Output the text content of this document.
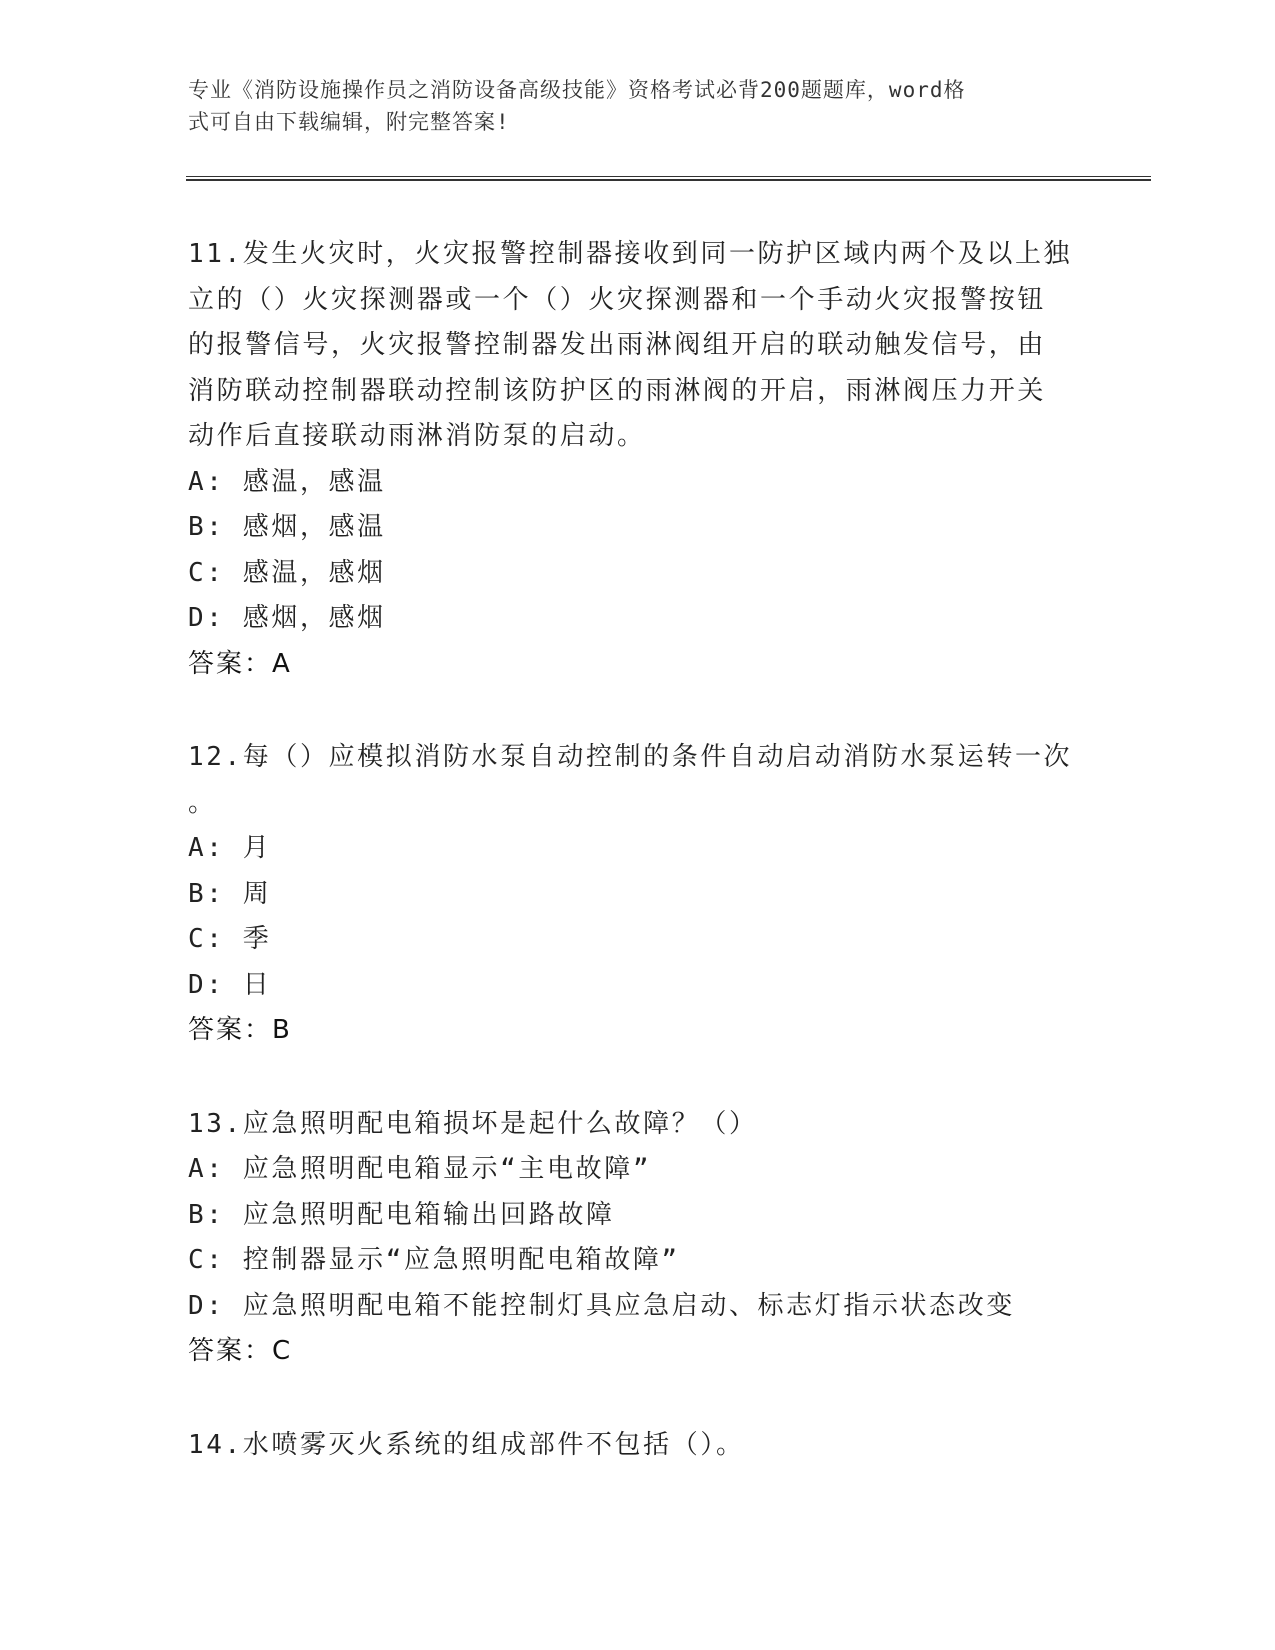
专业《消防设施操作员之消防设备高级技能》资格考试必背200题题库，word格
式可自由下载编辑，附完整答案!
11.发生火灾时，火灾报警控制器接收到同一防护区域内两个及以上独
立的（）火灾探测器或一个（）火灾探测器和一个手动火灾报警按钮
的报警信号，火灾报警控制器发出雨淋阀组开启的联动触发信号，由
消防联动控制器联动控制该防护区的雨淋阀的开启，雨淋阀压力开关
动作后直接联动雨淋消防泵的启动。
A: 感温，感温
B: 感烟，感温
C: 感温，感烟
D: 感烟，感烟
答案：A
12.每（）应模拟消防水泵自动控制的条件自动启动消防水泵运转一次
。
A: 月
B: 周
C: 季
D: 日
答案：B
13.应急照明配电箱损坏是起什么故障？（）
A: 应急照明配电箱显示“主电故障”
B: 应急照明配电箱输出回路故障
C: 控制器显示“应急照明配电箱故障”
D: 应急照明配电箱不能控制灯具应急启动、标志灯指示状态改变
答案：C
14.水喷雾灭火系统的组成部件不包括（）。
